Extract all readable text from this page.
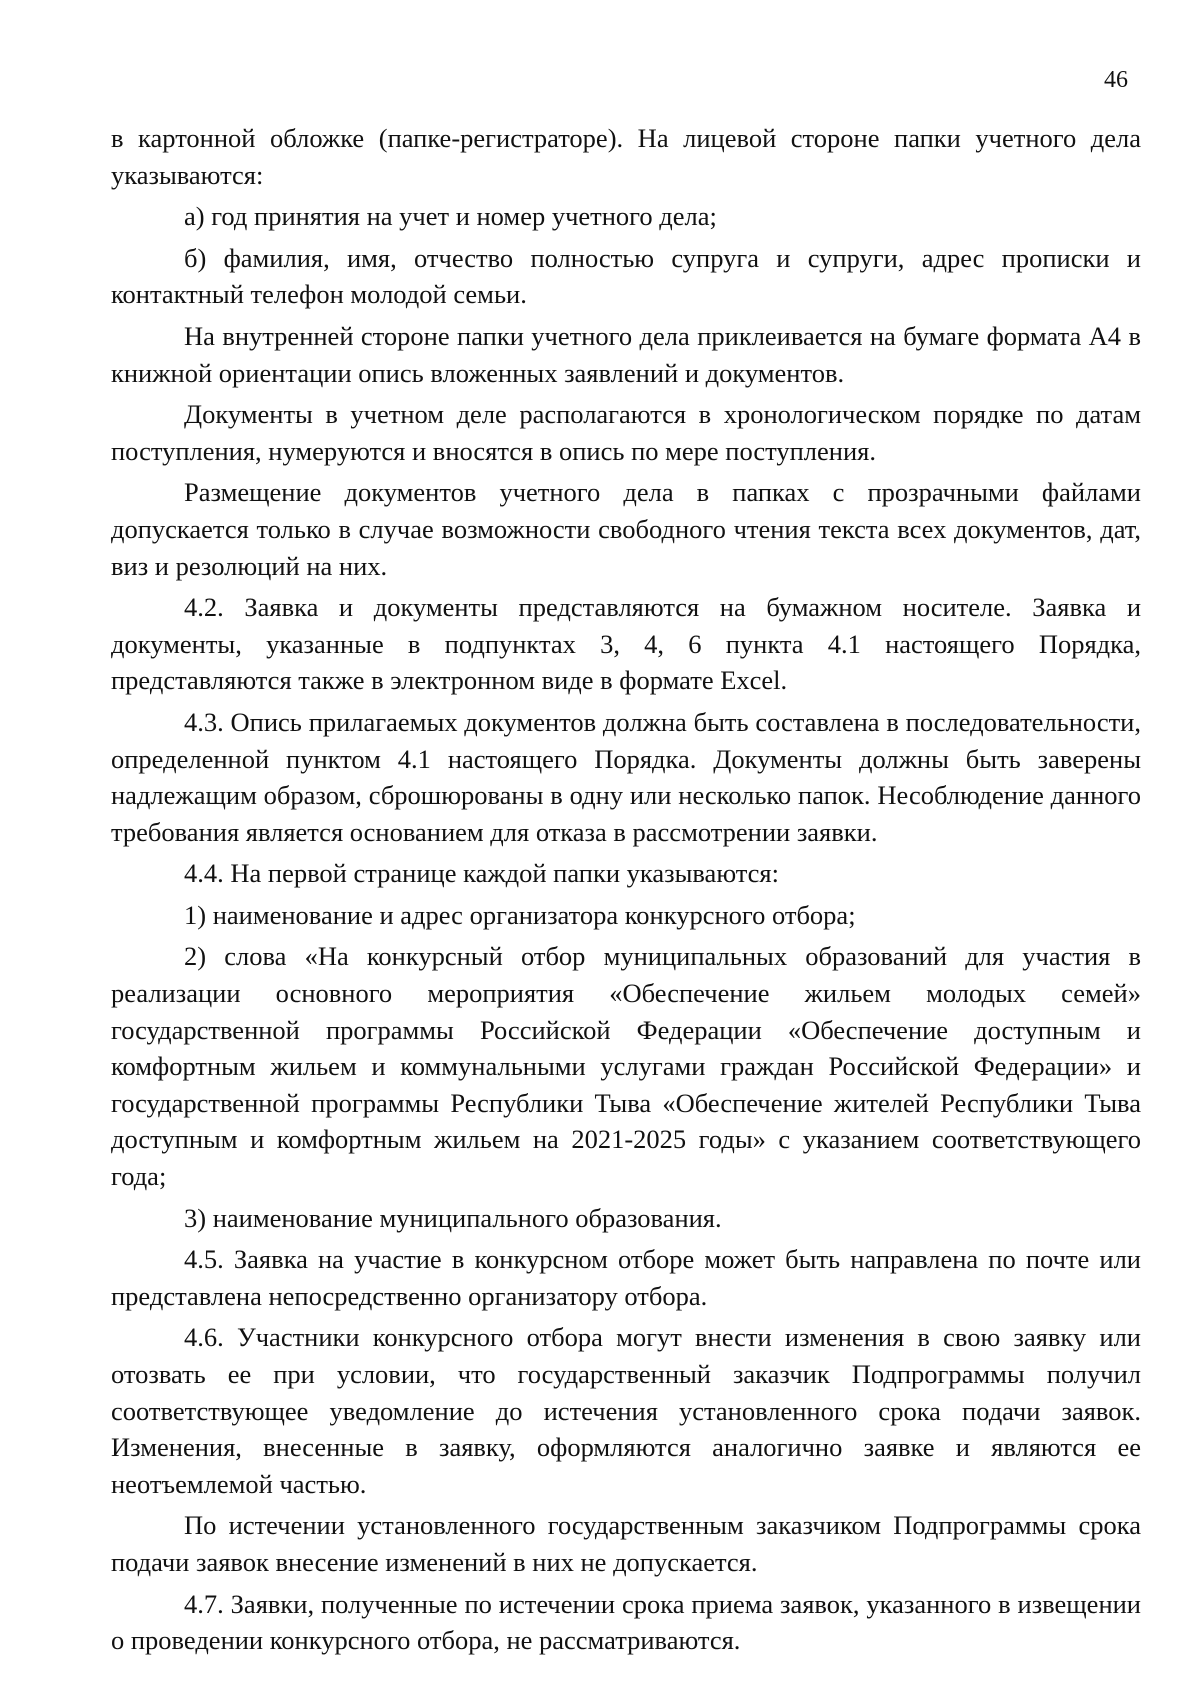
46

в картонной обложке (папке-регистраторе). На лицевой стороне папки учетного дела указываются:

а) год принятия на учет и номер учетного дела;

б) фамилия, имя, отчество полностью супруга и супруги, адрес прописки и контактный телефон молодой семьи.

На внутренней стороне папки учетного дела приклеивается на бумаге формата А4 в книжной ориентации опись вложенных заявлений и документов.

Документы в учетном деле располагаются в хронологическом порядке по датам поступления, нумеруются и вносятся в опись по мере поступления.

Размещение документов учетного дела в папках с прозрачными файлами допускается только в случае возможности свободного чтения текста всех документов, дат, виз и резолюций на них.

4.2. Заявка и документы представляются на бумажном носителе. Заявка и документы, указанные в подпунктах 3, 4, 6 пункта 4.1 настоящего Порядка, представляются также в электронном виде в формате Excel.

4.3. Опись прилагаемых документов должна быть составлена в последовательности, определенной пунктом 4.1 настоящего Порядка. Документы должны быть заверены надлежащим образом, сброшюрованы в одну или несколько папок. Несоблюдение данного требования является основанием для отказа в рассмотрении заявки.

4.4. На первой странице каждой папки указываются:

1) наименование и адрес организатора конкурсного отбора;

2) слова «На конкурсный отбор муниципальных образований для участия в реализации основного мероприятия «Обеспечение жильем молодых семей» государственной программы Российской Федерации «Обеспечение доступным и комфортным жильем и коммунальными услугами граждан Российской Федерации» и государственной программы Республики Тыва «Обеспечение жителей Республики Тыва доступным и комфортным жильем на 2021-2025 годы» с указанием соответствующего года;

3) наименование муниципального образования.

4.5. Заявка на участие в конкурсном отборе может быть направлена по почте или представлена непосредственно организатору отбора.

4.6. Участники конкурсного отбора могут внести изменения в свою заявку или отозвать ее при условии, что государственный заказчик Подпрограммы получил соответствующее уведомление до истечения установленного срока подачи заявок. Изменения, внесенные в заявку, оформляются аналогично заявке и являются ее неотъемлемой частью.

По истечении установленного государственным заказчиком Подпрограммы срока подачи заявок внесение изменений в них не допускается.

4.7. Заявки, полученные по истечении срока приема заявок, указанного в извещении о проведении конкурсного отбора, не рассматриваются.
